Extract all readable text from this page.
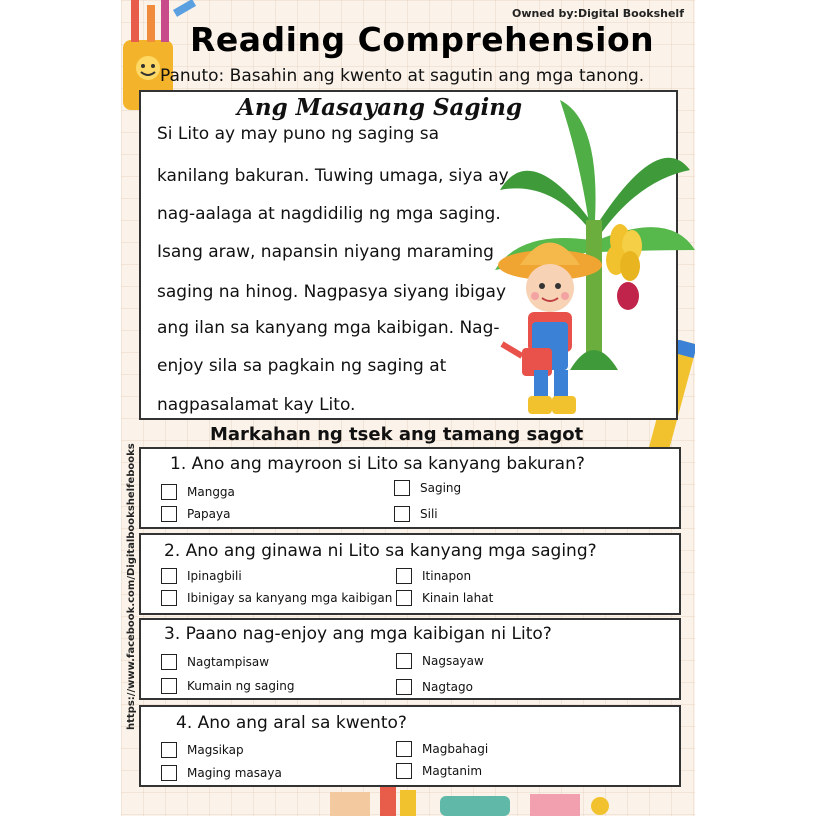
Owned by:Digital Bookshelf
Reading Comprehension
Panuto: Basahin ang kwento at sagutin ang mga tanong.
Ang Masayang Saging
Si Lito ay may puno ng saging sa
kanilang bakuran. Tuwing umaga, siya ay
nag-aalaga at nagdidilig ng mga saging.
Isang araw, napansin niyang maraming
saging na hinog. Nagpasya siyang ibigay
ang ilan sa kanyang mga kaibigan. Nag-
enjoy sila sa pagkain ng saging at
nagpasalamat kay Lito.
Markahan ng tsek ang tamang sagot
1. Ano ang mayroon si Lito sa kanyang bakuran?
Mangga
Papaya
Saging
Sili
2. Ano ang ginawa ni Lito sa kanyang mga saging?
Ipinagbili
Ibinigay sa kanyang mga kaibigan
Itinapon
Kinain lahat
3. Paano nag-enjoy ang mga kaibigan ni Lito?
Nagtampisaw
Kumain ng saging
Nagsayaw
Nagtago
4. Ano ang aral sa kwento?
Magsikap
Maging masaya
Magbahagi
Magtanim
https://www.facebook.com/Digitalbookshelfebooks
